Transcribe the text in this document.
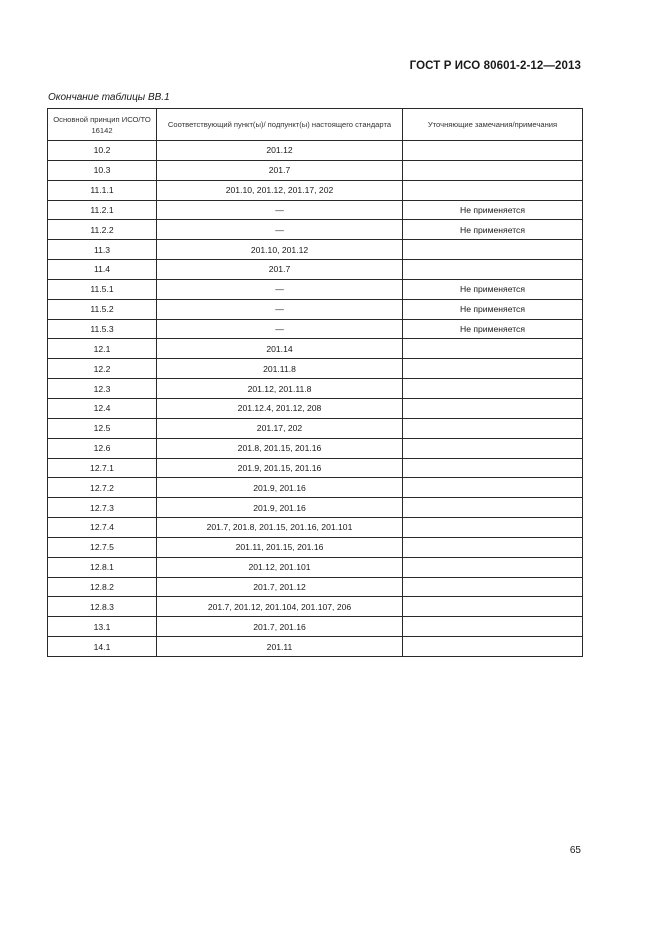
ГОСТ Р ИСО 80601-2-12—2013
Окончание таблицы ВВ.1
Основной принцип ИСО/ТО 16142	Соответствующий пункт(ы)/ подпункт(ы) настоящего стандарта	Уточняющие замечания/примечания
10.2	201.12	
10.3	201.7	
11.1.1	201.10, 201.12, 201.17, 202	
11.2.1	—	Не применяется
11.2.2	—	Не применяется
11.3	201.10, 201.12	
11.4	201.7	
11.5.1	—	Не применяется
11.5.2	—	Не применяется
11.5.3	—	Не применяется
12.1	201.14	
12.2	201.11.8	
12.3	201.12, 201.11.8	
12.4	201.12.4, 201.12, 208	
12.5	201.17, 202	
12.6	201.8, 201.15, 201.16	
12.7.1	201.9, 201.15, 201.16	
12.7.2	201.9, 201.16	
12.7.3	201.9, 201.16	
12.7.4	201.7, 201.8, 201.15, 201.16, 201.101	
12.7.5	201.11, 201.15, 201.16	
12.8.1	201.12, 201.101	
12.8.2	201.7, 201.12	
12.8.3	201.7, 201.12, 201.104, 201.107, 206	
13.1	201.7, 201.16	
14.1	201.11	
65
